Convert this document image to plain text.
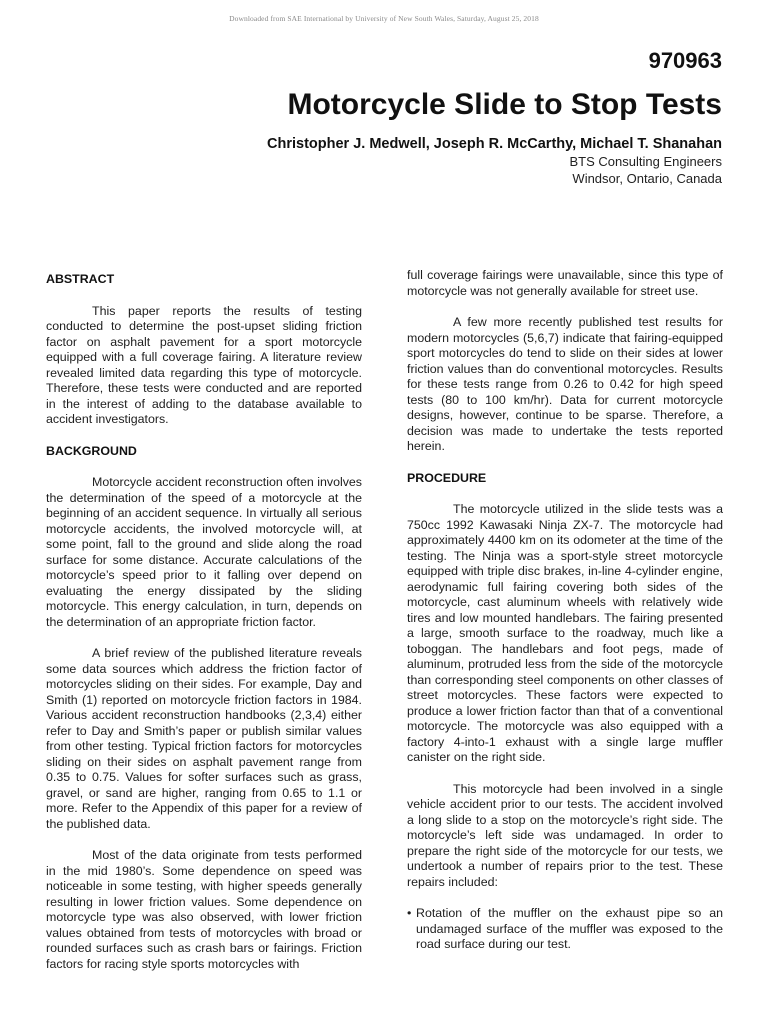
Downloaded from SAE International by University of New South Wales, Saturday, August 25, 2018
970963
Motorcycle Slide to Stop Tests
Christopher J. Medwell, Joseph R. McCarthy, Michael T. Shanahan
BTS Consulting Engineers
Windsor, Ontario, Canada
ABSTRACT

This paper reports the results of testing conducted to determine the post-upset sliding friction factor on asphalt pavement for a sport motorcycle equipped with a full coverage fairing. A literature review revealed limited data regarding this type of motorcycle. Therefore, these tests were conducted and are reported in the interest of adding to the database available to accident investigators.

BACKGROUND

Motorcycle accident reconstruction often involves the determination of the speed of a motorcycle at the beginning of an accident sequence. In virtually all serious motorcycle accidents, the involved motorcycle will, at some point, fall to the ground and slide along the road surface for some distance. Accurate calculations of the motorcycle’s speed prior to it falling over depend on evaluating the energy dissipated by the sliding motorcycle. This energy calculation, in turn, depends on the determination of an appropriate friction factor.

A brief review of the published literature reveals some data sources which address the friction factor of motorcycles sliding on their sides. For example, Day and Smith (1) reported on motorcycle friction factors in 1984. Various accident reconstruction handbooks (2,3,4) either refer to Day and Smith’s paper or publish similar values from other testing. Typical friction factors for motorcycles sliding on their sides on asphalt pavement range from 0.35 to 0.75. Values for softer surfaces such as grass, gravel, or sand are higher, ranging from 0.65 to 1.1 or more. Refer to the Appendix of this paper for a review of the published data.

Most of the data originate from tests performed in the mid 1980’s. Some dependence on speed was noticeable in some testing, with higher speeds generally resulting in lower friction values. Some dependence on motorcycle type was also observed, with lower friction values obtained from tests of motorcycles with broad or rounded surfaces such as crash bars or fairings. Friction factors for racing style sports motorcycles with

full coverage fairings were unavailable, since this type of motorcycle was not generally available for street use.

A few more recently published test results for modern motorcycles (5,6,7) indicate that fairing-equipped sport motorcycles do tend to slide on their sides at lower friction values than do conventional motorcycles. Results for these tests range from 0.26 to 0.42 for high speed tests (80 to 100 km/hr). Data for current motorcycle designs, however, continue to be sparse. Therefore, a decision was made to undertake the tests reported herein.

PROCEDURE

The motorcycle utilized in the slide tests was a 750cc 1992 Kawasaki Ninja ZX-7. The motorcycle had approximately 4400 km on its odometer at the time of the testing. The Ninja was a sport-style street motorcycle equipped with triple disc brakes, in-line 4-cylinder engine, aerodynamic full fairing covering both sides of the motorcycle, cast aluminum wheels with relatively wide tires and low mounted handlebars. The fairing presented a large, smooth surface to the roadway, much like a toboggan. The handlebars and foot pegs, made of aluminum, protruded less from the side of the motorcycle than corresponding steel components on other classes of street motorcycles. These factors were expected to produce a lower friction factor than that of a conventional motorcycle. The motorcycle was also equipped with a factory 4-into-1 exhaust with a single large muffler canister on the right side.

This motorcycle had been involved in a single vehicle accident prior to our tests. The accident involved a long slide to a stop on the motorcycle’s right side. The motorcycle’s left side was undamaged. In order to prepare the right side of the motorcycle for our tests, we undertook a number of repairs prior to the test. These repairs included:

• Rotation of the muffler on the exhaust pipe so an undamaged surface of the muffler was exposed to the road surface during our test.
